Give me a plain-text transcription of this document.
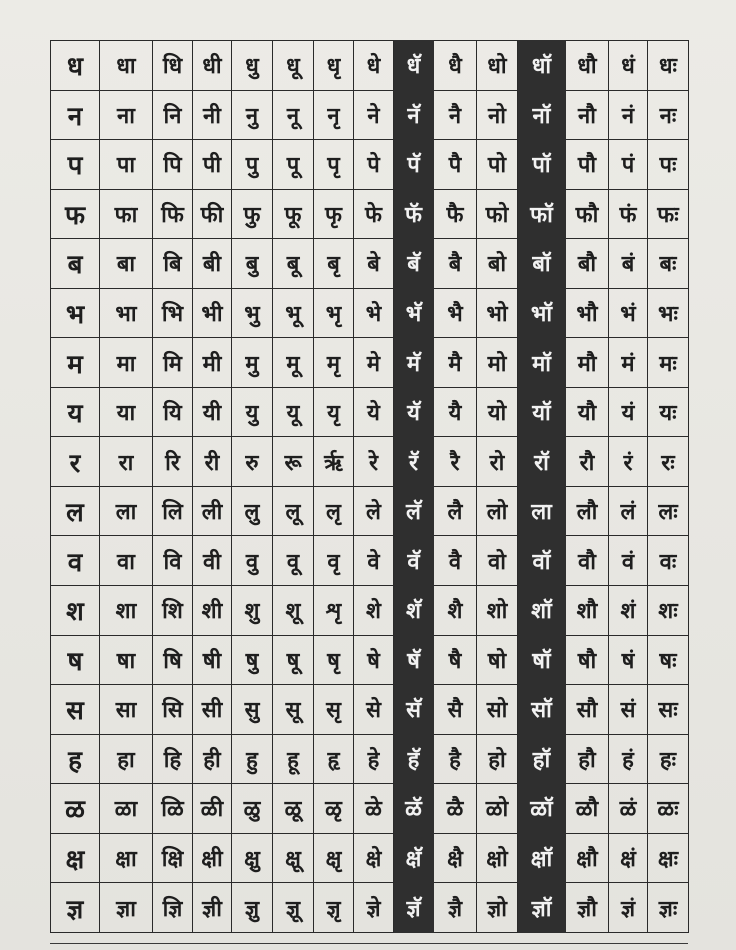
ध	धा	धि	धी	धु	धू	धृ	धे	धॅ	धै	धो	धॉ	धौ	धं	धः
न	ना	नि	नी	नु	नू	नृ	ने	नॅ	नै	नो	नॉ	नौ	नं	नः
प	पा	पि	पी	पु	पू	पृ	पे	पॅ	पै	पो	पॉ	पौ	पं	पः
फ	फा	फि	फी	फु	फू	फृ	फे	फॅ	फै	फो	फॉ	फौ	फं	फः
ब	बा	बि	बी	बु	बू	बृ	बे	बॅ	बै	बो	बॉ	बौ	बं	बः
भ	भा	भि	भी	भु	भू	भृ	भे	भॅ	भै	भो	भॉ	भौ	भं	भः
म	मा	मि	मी	मु	मू	मृ	मे	मॅ	मै	मो	मॉ	मौ	मं	मः
य	या	यि	यी	यु	यू	यृ	ये	यॅ	यै	यो	यॉ	यौ	यं	यः
र	रा	रि	री	रु	रू	रृ	रे	रॅ	रै	रो	रॉ	रौ	रं	रः
ल	ला	लि	ली	लु	लू	लृ	ले	लॅ	लै	लो	ला	लौ	लं	लः
व	वा	वि	वी	वु	वू	वृ	वे	वॅ	वै	वो	वॉ	वौ	वं	वः
श	शा	शि	शी	शु	शू	शृ	शे	शॅ	शै	शो	शॉ	शौ	शं	शः
ष	षा	षि	षी	षु	षू	षृ	षे	षॅ	षै	षो	षॉ	षौ	षं	षः
स	सा	सि	सी	सु	सू	सृ	से	सॅ	सै	सो	सॉ	सौ	सं	सः
ह	हा	हि	ही	हु	हू	हृ	हे	हॅ	है	हो	हॉ	हौ	हं	हः
ळ	ळा	ळि	ळी	ळु	ळू	ळृ	ळे	ळॅ	ळै	ळो	ळॉ	ळौ	ळं	ळः
क्ष	क्षा	क्षि	क्षी	क्षु	क्षू	क्षृ	क्षे	क्षॅ	क्षै	क्षो	क्षॉ	क्षौ	क्षं	क्षः
ज्ञ	ज्ञा	ज्ञि	ज्ञी	ज्ञु	ज्ञू	ज्ञृ	ज्ञे	ज्ञॅ	ज्ञै	ज्ञो	ज्ञॉ	ज्ञौ	ज्ञं	ज्ञः
